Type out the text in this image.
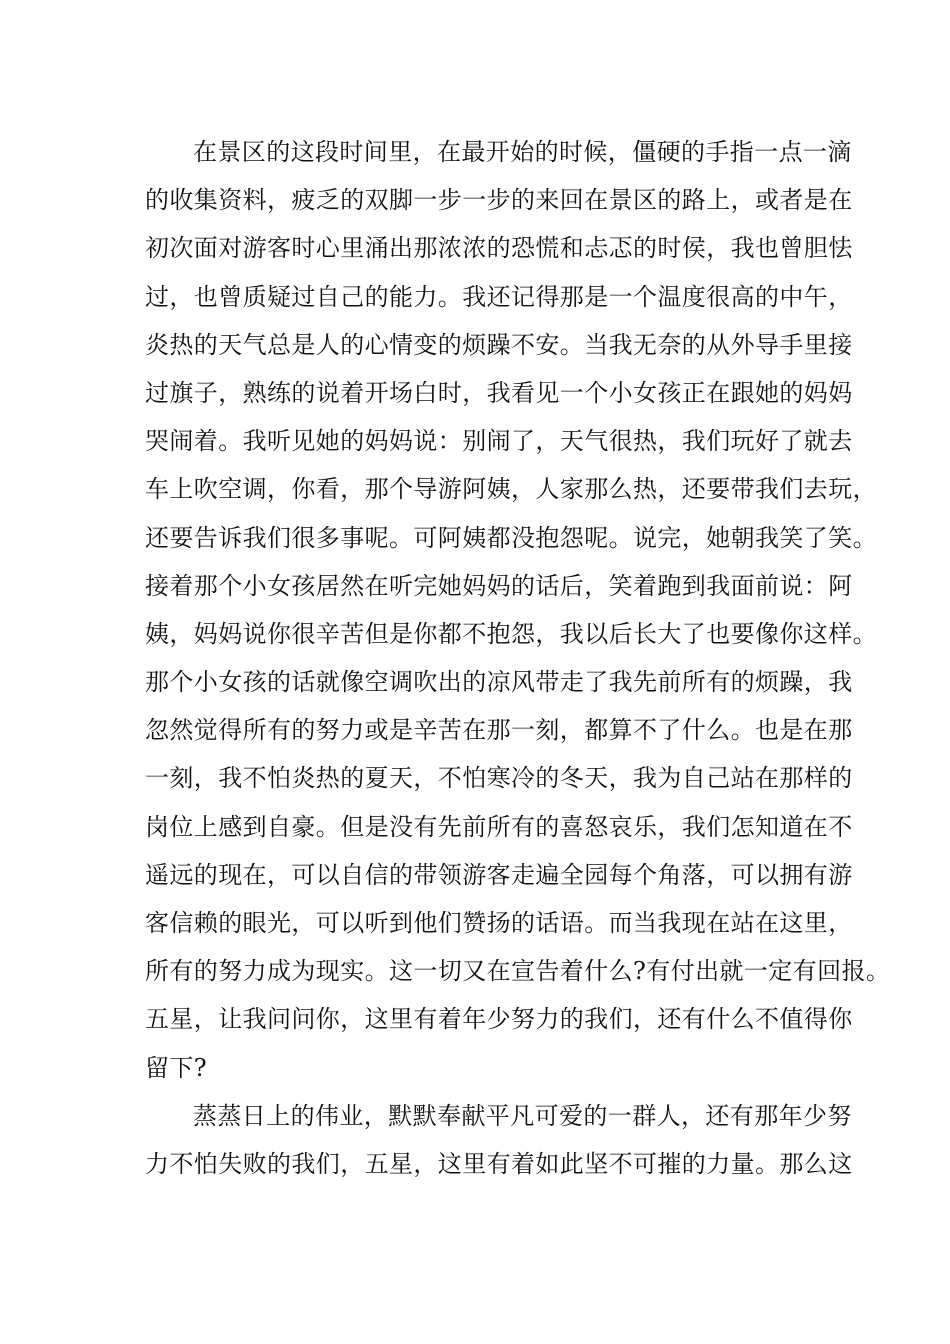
在景区的这段时间里，在最开始的时候，僵硬的手指一点一滴
的收集资料，疲乏的双脚一步一步的来回在景区的路上，或者是在
初次面对游客时心里涌出那浓浓的恐慌和忐忑的时侯，我也曾胆怯
过，也曾质疑过自己的能力。我还记得那是一个温度很高的中午，
炎热的天气总是人的心情变的烦躁不安。当我无奈的从外导手里接
过旗子，熟练的说着开场白时，我看见一个小女孩正在跟她的妈妈
哭闹着。我听见她的妈妈说：别闹了，天气很热，我们玩好了就去
车上吹空调，你看，那个导游阿姨，人家那么热，还要带我们去玩，
还要告诉我们很多事呢。可阿姨都没抱怨呢。说完，她朝我笑了笑。
接着那个小女孩居然在听完她妈妈的话后，笑着跑到我面前说：阿
姨，妈妈说你很辛苦但是你都不抱怨，我以后长大了也要像你这样。
那个小女孩的话就像空调吹出的凉风带走了我先前所有的烦躁，我
忽然觉得所有的努力或是辛苦在那一刻，都算不了什么。也是在那
一刻，我不怕炎热的夏天，不怕寒冷的冬天，我为自己站在那样的
岗位上感到自豪。但是没有先前所有的喜怒哀乐，我们怎知道在不
遥远的现在，可以自信的带领游客走遍全园每个角落，可以拥有游
客信赖的眼光，可以听到他们赞扬的话语。而当我现在站在这里，
所有的努力成为现实。这一切又在宣告着什么?有付出就一定有回报。
五星，让我问问你，这里有着年少努力的我们，还有什么不值得你
留下?
蒸蒸日上的伟业，默默奉献平凡可爱的一群人，还有那年少努
力不怕失败的我们，五星，这里有着如此坚不可摧的力量。那么这
